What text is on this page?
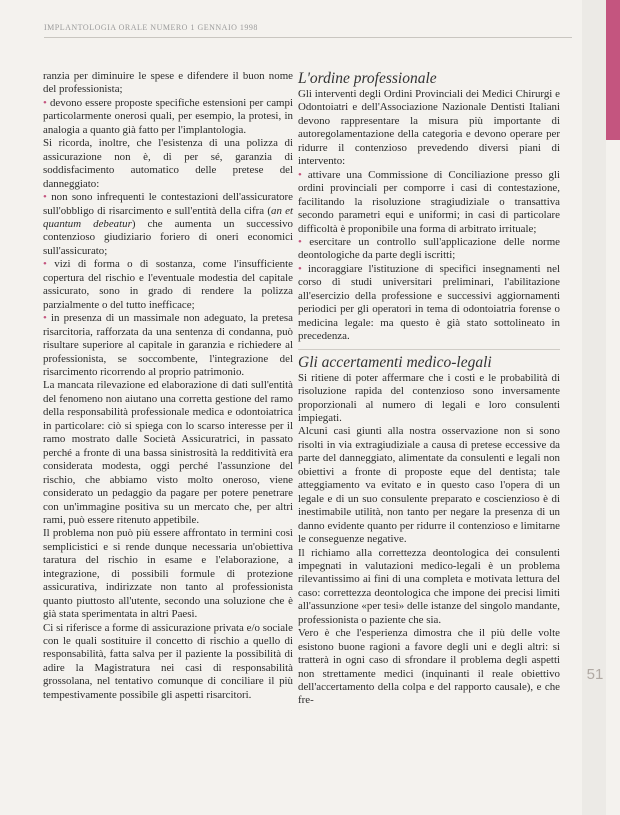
IMPLANTOLOGIA ORALE NUMERO 1 GENNAIO 1998

ranzia per diminuire le spese e difendere il buon nome del professionista;

• devono essere proposte specifiche estensioni per campi particolarmente onerosi quali, per esempio, la protesi, in analogia a quanto già fatto per l'implantologia.

Si ricorda, inoltre, che l'esistenza di una polizza di assicurazione non è, di per sé, garanzia di soddisfacimento automatico delle pretese del danneggiato:

• non sono infrequenti le contestazioni dell'assicuratore sull'obbligo di risarcimento e sull'entità della cifra (an et quantum debeatur) che aumenta un successivo contenzioso giudiziario foriero di oneri economici sull'assicurato;

• vizi di forma o di sostanza, come l'insufficiente copertura del rischio e l'eventuale modestia del capitale assicurato, sono in grado di rendere la polizza parzialmente o del tutto inefficace;

• in presenza di un massimale non adeguato, la pretesa risarcitoria, rafforzata da una sentenza di condanna, può risultare superiore al capitale in garanzia e richiedere al professionista, se soccombente, l'integrazione del risarcimento ricorrendo al proprio patrimonio.

La mancata rilevazione ed elaborazione di dati sull'entità del fenomeno non aiutano una corretta gestione del ramo della responsabilità professionale medica e odontoiatrica in particolare: ciò si spiega con lo scarso interesse per il ramo mostrato dalle Società Assicuratrici, in passato perché a fronte di una bassa sinistrosità la redditività era considerata modesta, oggi perché l'assunzione del rischio, che abbiamo visto molto oneroso, viene considerato un pedaggio da pagare per potere penetrare con un'immagine positiva su un mercato che, per altri rami, può essere ritenuto appetibile.

Il problema non può più essere affrontato in termini così semplicistici e si rende dunque necessaria un'obiettiva taratura del rischio in esame e l'elaborazione, a integrazione, di possibili formule di protezione assicurativa, indirizzate non tanto al professionista quanto piuttosto all'utente, secondo una soluzione che è già stata sperimentata in altri Paesi.

Ci si riferisce a forme di assicurazione privata e/o sociale con le quali sostituire il concetto di rischio a quello di responsabilità, fatta salva per il paziente la possibilità di adire la Magistratura nei casi di responsabilità grossolana, nel tentativo comunque di conciliare il più tempestivamente possibile gli aspetti risarcitori.

L'ordine professionale

Gli interventi degli Ordini Provinciali dei Medici Chirurgi e Odontoiatri e dell'Associazione Nazionale Dentisti Italiani devono rappresentare la misura più importante di autoregolamentazione della categoria e devono operare per ridurre il contenzioso prevedendo diversi piani di intervento:

• attivare una Commissione di Conciliazione presso gli ordini provinciali per comporre i casi di contestazione, facilitando la risoluzione stragiudiziale o transattiva secondo parametri equi e uniformi; in casi di particolare difficoltà è proponibile una forma di arbitrato irrituale;

• esercitare un controllo sull'applicazione delle norme deontologiche da parte degli iscritti;

• incoraggiare l'istituzione di specifici insegnamenti nel corso di studi universitari preliminari, l'abilitazione all'esercizio della professione e successivi aggiornamenti periodici per gli operatori in tema di odontoiatria forense o medicina legale: ma questo è già stato sottolineato in precedenza.

Gli accertamenti medico-legali

Si ritiene di poter affermare che i costi e le probabilità di risoluzione rapida del contenzioso sono inversamente proporzionali al numero di legali e loro consulenti impiegati.

Alcuni casi giunti alla nostra osservazione non si sono risolti in via extragiudiziale a causa di pretese eccessive da parte del danneggiato, alimentate da consulenti e legali non obiettivi a fronte di proposte eque del dentista; tale atteggiamento va evitato e in questo caso l'opera di un legale e di un suo consulente preparato e coscienzioso è di inestimabile utilità, non tanto per negare la presenza di un danno evidente quanto per ridurre il contenzioso e limitarne le conseguenze negative.

Il richiamo alla correttezza deontologica dei consulenti impegnati in valutazioni medico-legali è un problema rilevantissimo ai fini di una completa e motivata lettura del caso: correttezza deontologica che impone dei precisi limiti all'assunzione «per tesi» delle istanze del singolo mandante, professionista o paziente che sia.

Vero è che l'esperienza dimostra che il più delle volte esistono buone ragioni a favore degli uni e degli altri: si tratterà in ogni caso di sfrondare il problema degli aspetti non strettamente medici (inquinanti il reale obiettivo dell'accertamento della colpa e del rapporto causale), e che fre-

51
